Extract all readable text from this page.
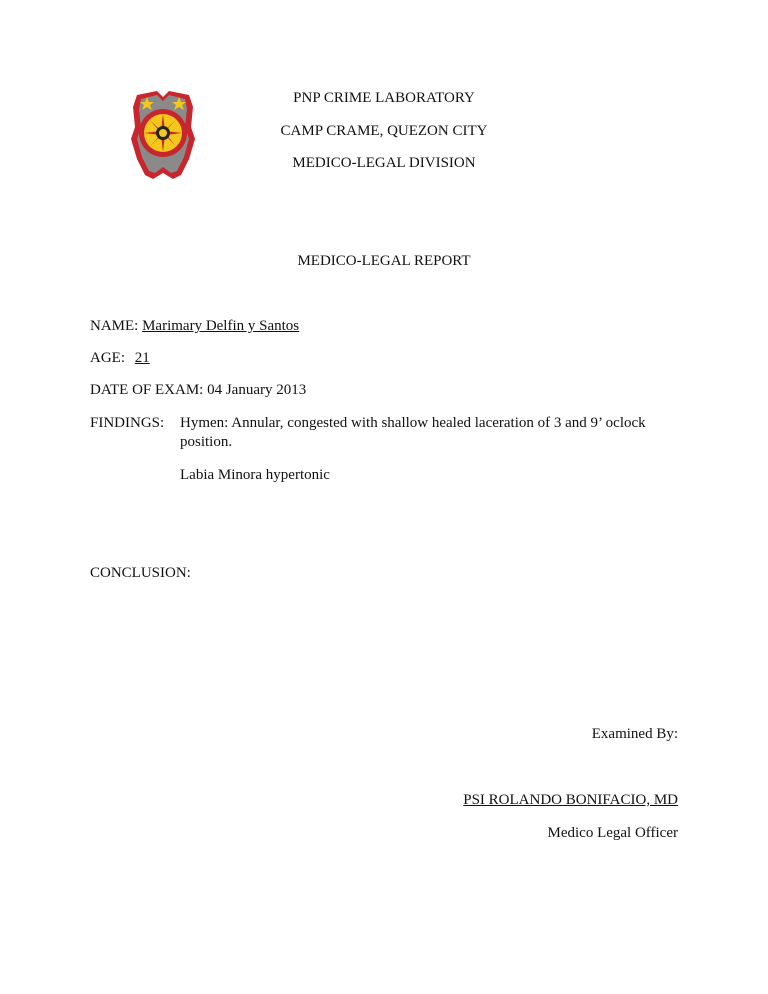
PNP CRIME LABORATORY
CAMP CRAME, QUEZON CITY
MEDICO-LEGAL DIVISION
MEDICO-LEGAL REPORT
NAME: Marimary Delfin y Santos
AGE: 21
DATE OF EXAM: 04 January 2013
FINDINGS: Hymen: Annular, congested with shallow healed laceration of 3 and 9’ oclock
position.
Labia Minora hypertonic
CONCLUSION:
Examined By:
PSI ROLANDO BONIFACIO, MD
Medico Legal Officer
